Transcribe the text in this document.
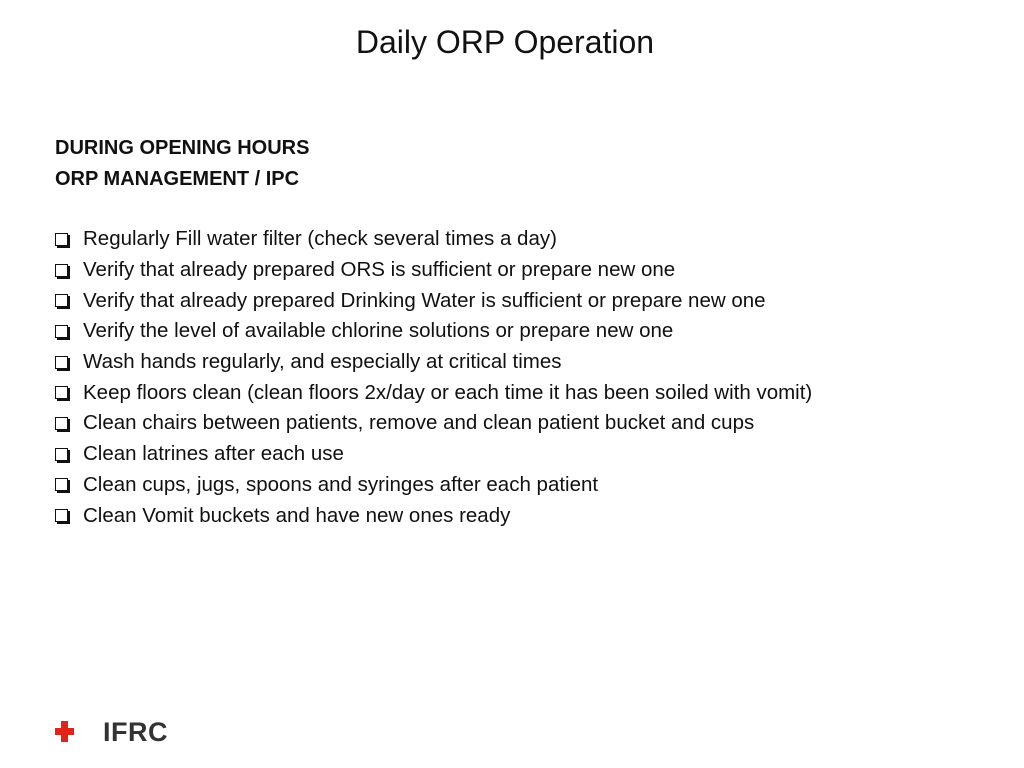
Daily ORP Operation
DURING OPENING HOURS
ORP MANAGEMENT / IPC
Regularly Fill water filter (check several times a day)
Verify that already prepared ORS is sufficient or prepare new one
Verify that already prepared Drinking Water is sufficient or prepare new one
Verify the level of available chlorine solutions or prepare new one
Wash hands regularly, and especially at critical times
Keep floors clean (clean floors 2x/day or each time it has been soiled with vomit)
Clean chairs between patients, remove and clean patient bucket and cups
Clean latrines after each use
Clean cups, jugs, spoons and syringes after each patient
Clean Vomit buckets and have new ones ready
IFRC
